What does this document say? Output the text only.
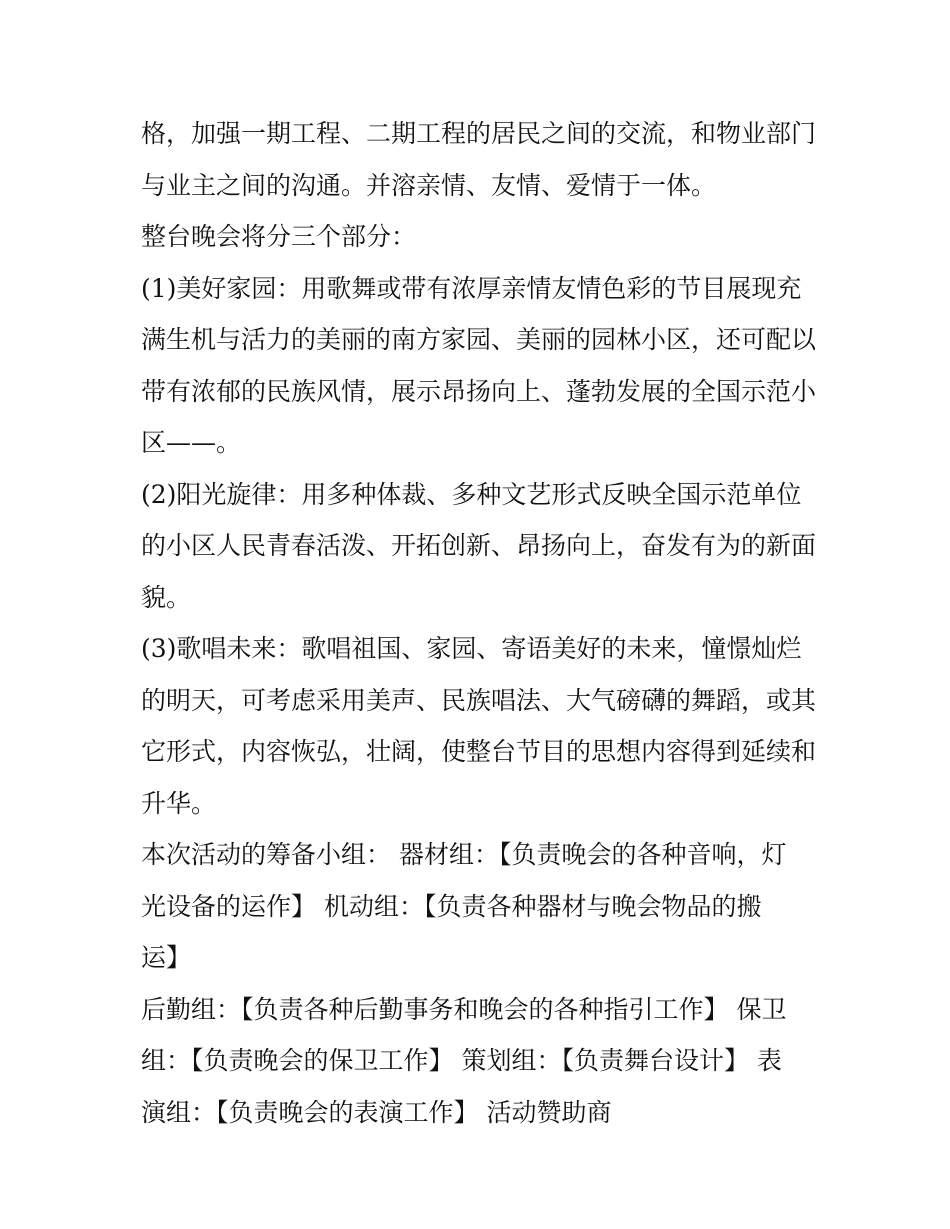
格，加强一期工程、二期工程的居民之间的交流，和物业部门
与业主之间的沟通。并溶亲情、友情、爱情于一体。
整台晚会将分三个部分：
(1)美好家园：用歌舞或带有浓厚亲情友情色彩的节目展现充
满生机与活力的美丽的南方家园、美丽的园林小区，还可配以
带有浓郁的民族风情，展示昂扬向上、蓬勃发展的全国示范小
区——。
(2)阳光旋律：用多种体裁、多种文艺形式反映全国示范单位
的小区人民青春活泼、开拓创新、昂扬向上，奋发有为的新面
貌。
(3)歌唱未来：歌唱祖国、家园、寄语美好的未来，憧憬灿烂
的明天，可考虑采用美声、民族唱法、大气磅礴的舞蹈，或其
它形式，内容恢弘，壮阔，使整台节目的思想内容得到延续和
升华。
本次活动的筹备小组： 器材组：【负责晚会的各种音响，灯
光设备的运作】 机动组：【负责各种器材与晚会物品的搬
运】
后勤组：【负责各种后勤事务和晚会的各种指引工作】 保卫
组：【负责晚会的保卫工作】 策划组：【负责舞台设计】 表
演组：【负责晚会的表演工作】 活动赞助商
